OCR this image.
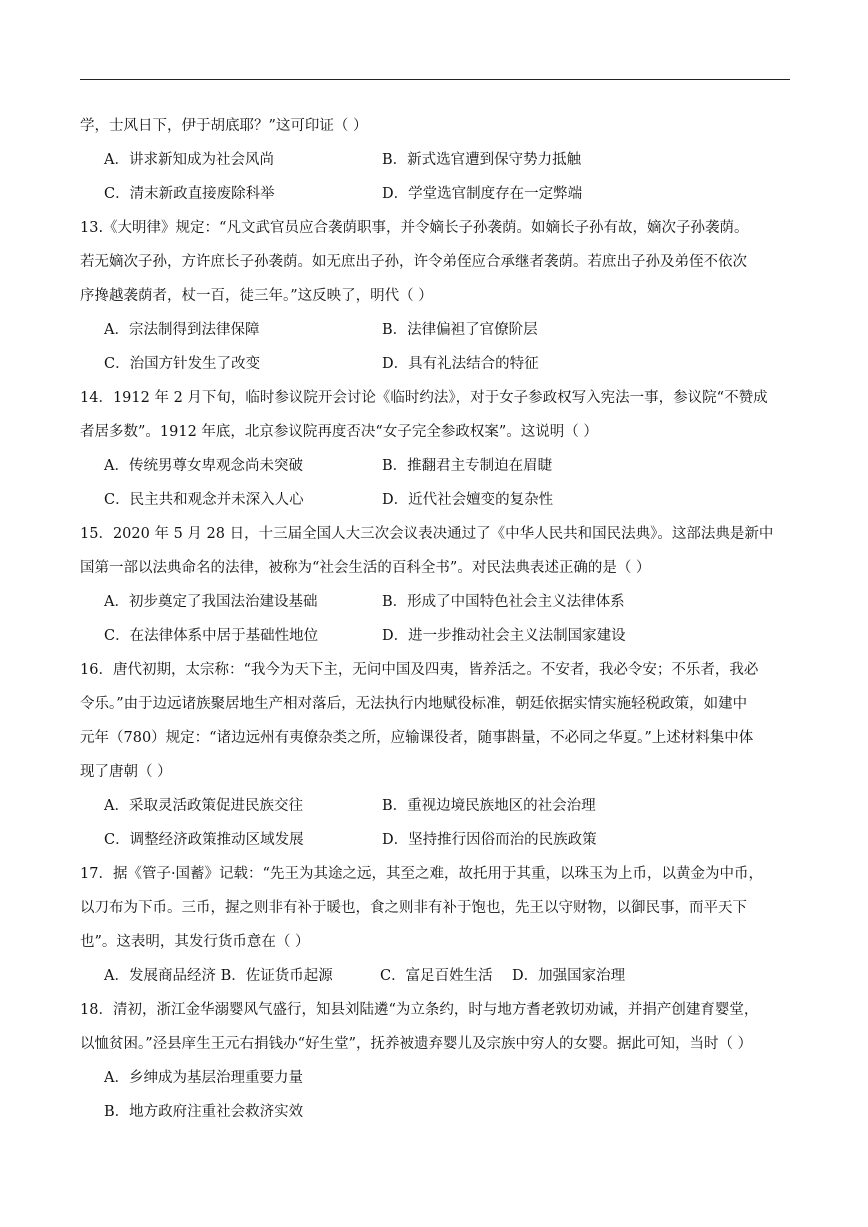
学，士风日下，伊于胡底耶？”这可印证（ ）
A．讲求新知成为社会风尚	B．新式选官遭到保守势力抵触
C．清末新政直接废除科举	D．学堂选官制度存在一定弊端
13.《大明律》规定：“凡文武官员应合袭荫职事，并令嫡长子孙袭荫。如嫡长子孙有故，嫡次子孙袭荫。
若无嫡次子孙，方许庶长子孙袭荫。如无庶出子孙，许令弟侄应合承继者袭荫。若庶出子孙及弟侄不依次
序搀越袭荫者，杖一百，徒三年。”这反映了，明代（ ）
A．宗法制得到法律保障	B．法律偏袒了官僚阶层
C．治国方针发生了改变	D．具有礼法结合的特征
14．1912 年 2 月下旬，临时参议院开会讨论《临时约法》，对于女子参政权写入宪法一事，参议院“不赞成
者居多数”。1912 年底，北京参议院再度否决“女子完全参政权案”。这说明（ ）
A．传统男尊女卑观念尚未突破	B．推翻君主专制迫在眉睫
C．民主共和观念并未深入人心	D．近代社会嬗变的复杂性
15．2020 年 5 月 28 日，十三届全国人大三次会议表决通过了《中华人民共和国民法典》。这部法典是新中
国第一部以法典命名的法律，被称为“社会生活的百科全书”。对民法典表述正确的是（ ）
A．初步奠定了我国法治建设基础	B．形成了中国特色社会主义法律体系
C．在法律体系中居于基础性地位	D．进一步推动社会主义法制国家建设
16．唐代初期，太宗称：“我今为天下主，无问中国及四夷，皆养活之。不安者，我必令安；不乐者，我必
令乐。”由于边远诸族聚居地生产相对落后，无法执行内地赋役标准，朝廷依据实情实施轻税政策，如建中
元年（780）规定：“诸边远州有夷僚杂类之所，应输课役者，随事斟量，不必同之华夏。”上述材料集中体
现了唐朝（ ）
A．采取灵活政策促进民族交往	B．重视边境民族地区的社会治理
C．调整经济政策推动区域发展	D．坚持推行因俗而治的民族政策
17．据《管子·国蓄》记载：“先王为其途之远，其至之难，故托用于其重，以珠玉为上币，以黄金为中币，
以刀布为下币。三币，握之则非有补于暖也，食之则非有补于饱也，先王以守财物，以御民事，而平天下
也”。这表明，其发行货币意在（ ）
A．发展商品经济 B．佐证货币起源	C．富足百姓生活 D．加强国家治理
18．清初，浙江金华溺婴风气盛行，知县刘陆遴“为立条约，时与地方耆老敦切劝诫，并捐产创建育婴堂，
以恤贫困。”泾县庠生王元右捐钱办“好生堂”，抚养被遗弃婴儿及宗族中穷人的女婴。据此可知，当时（ ）
A．乡绅成为基层治理重要力量
B．地方政府注重社会救济实效
